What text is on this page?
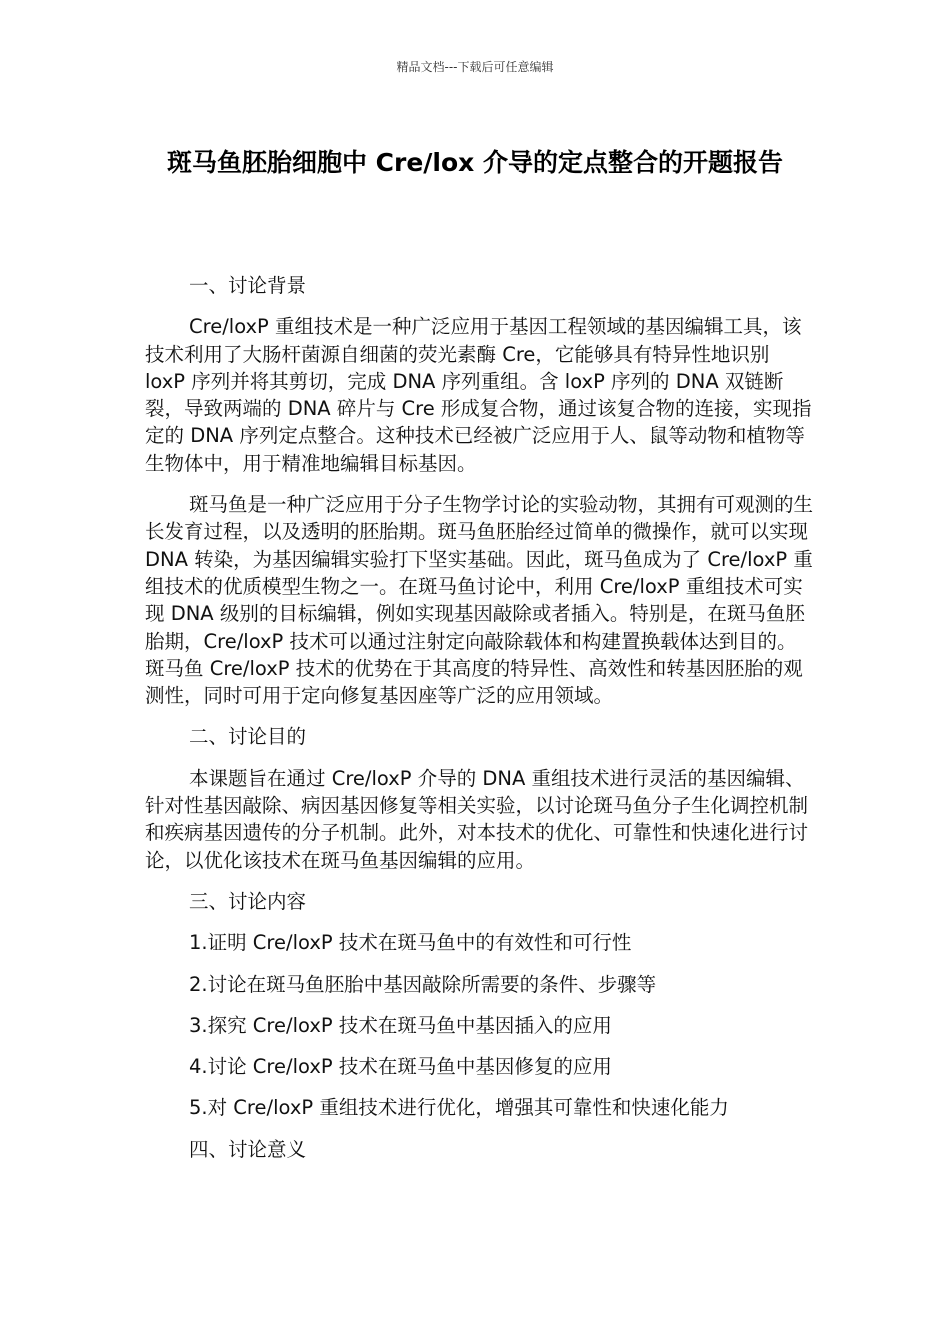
精品文档---下载后可任意编辑
斑马鱼胚胎细胞中 Cre/lox 介导的定点整合的开题报告

一、讨论背景

Cre/loxP 重组技术是一种广泛应用于基因工程领域的基因编辑工具，该技术利用了大肠杆菌源自细菌的荧光素酶 Cre，它能够具有特异性地识别 loxP 序列并将其剪切，完成 DNA 序列重组。含 loxP 序列的 DNA 双链断裂，导致两端的 DNA 碎片与 Cre 形成复合物，通过该复合物的连接，实现指定的 DNA 序列定点整合。这种技术已经被广泛应用于人、鼠等动物和植物等生物体中，用于精准地编辑目标基因。

斑马鱼是一种广泛应用于分子生物学讨论的实验动物，其拥有可观测的生长发育过程，以及透明的胚胎期。斑马鱼胚胎经过简单的微操作，就可以实现 DNA 转染，为基因编辑实验打下坚实基础。因此，斑马鱼成为了 Cre/loxP 重组技术的优质模型生物之一。在斑马鱼讨论中，利用 Cre/loxP 重组技术可实现 DNA 级别的目标编辑，例如实现基因敲除或者插入。特别是，在斑马鱼胚胎期，Cre/loxP 技术可以通过注射定向敲除载体和构建置换载体达到目的。斑马鱼 Cre/loxP 技术的优势在于其高度的特异性、高效性和转基因胚胎的观测性，同时可用于定向修复基因座等广泛的应用领域。

二、讨论目的

本课题旨在通过 Cre/loxP 介导的 DNA 重组技术进行灵活的基因编辑、针对性基因敲除、病因基因修复等相关实验，以讨论斑马鱼分子生化调控机制和疾病基因遗传的分子机制。此外，对本技术的优化、可靠性和快速化进行讨论，以优化该技术在斑马鱼基因编辑的应用。

三、讨论内容

1.证明 Cre/loxP 技术在斑马鱼中的有效性和可行性

2.讨论在斑马鱼胚胎中基因敲除所需要的条件、步骤等

3.探究 Cre/loxP 技术在斑马鱼中基因插入的应用

4.讨论 Cre/loxP 技术在斑马鱼中基因修复的应用

5.对 Cre/loxP 重组技术进行优化，增强其可靠性和快速化能力

四、讨论意义
